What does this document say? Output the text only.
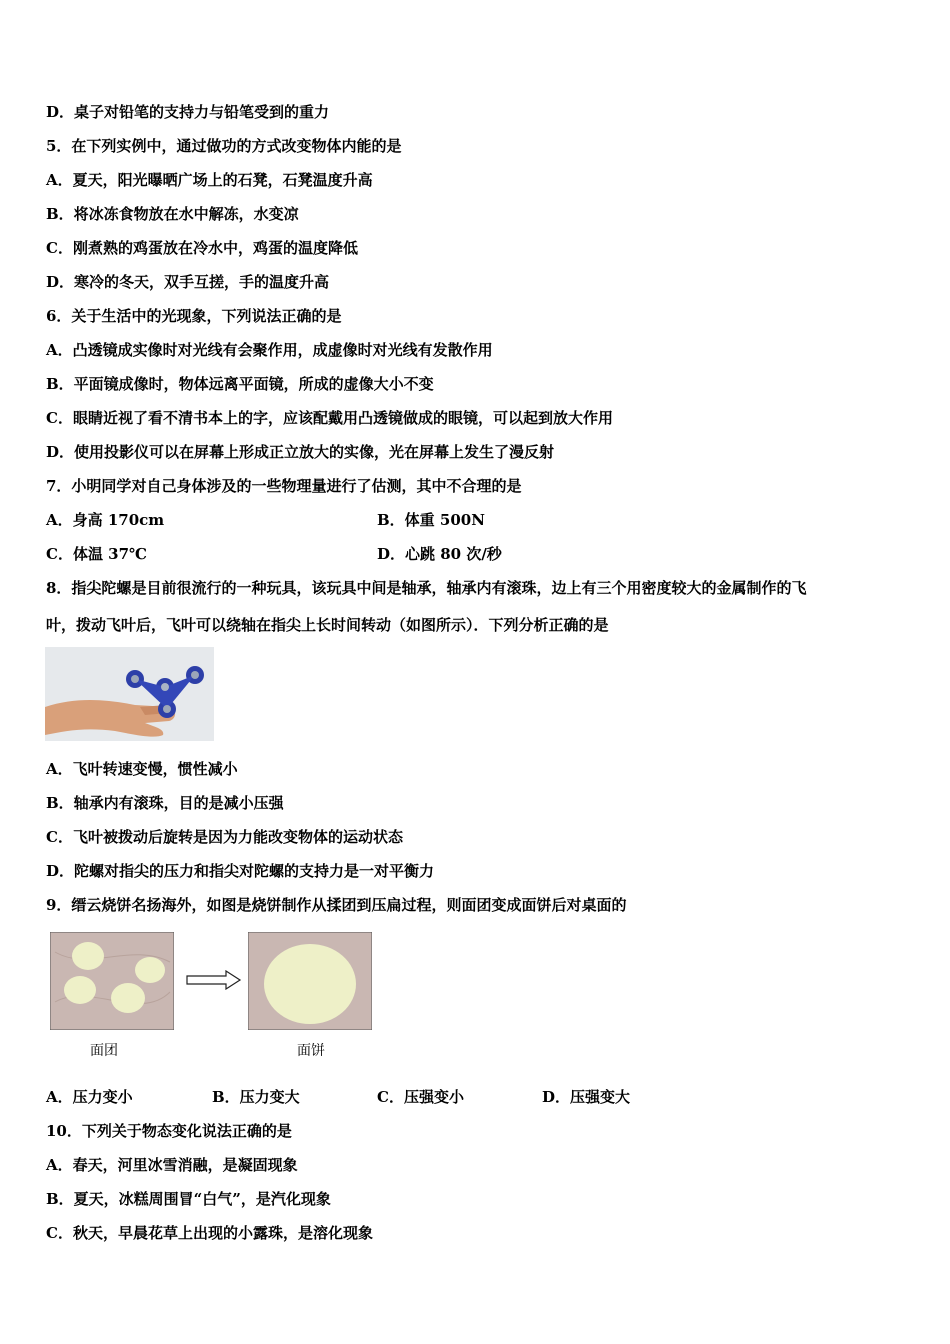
D．桌子对铅笔的支持力与铅笔受到的重力
5．在下列实例中，通过做功的方式改变物体内能的是
A．夏天，阳光曝晒广场上的石凳，石凳温度升高
B．将冰冻食物放在水中解冻，水变凉
C．刚煮熟的鸡蛋放在冷水中，鸡蛋的温度降低
D．寒冷的冬天，双手互搓，手的温度升高
6．关于生活中的光现象，下列说法正确的是
A．凸透镜成实像时对光线有会聚作用，成虚像时对光线有发散作用
B．平面镜成像时，物体远离平面镜，所成的虚像大小不变
C．眼睛近视了看不清书本上的字，应该配戴用凸透镜做成的眼镜，可以起到放大作用
D．使用投影仪可以在屏幕上形成正立放大的实像，光在屏幕上发生了漫反射
7．小明同学对自己身体涉及的一些物理量进行了估测，其中不合理的是
A．身高 170cm	B．体重 500N
C．体温 37℃	D．心跳 80 次/秒
8．指尖陀螺是目前很流行的一种玩具，该玩具中间是轴承，轴承内有滚珠，边上有三个用密度较大的金属制作的飞
叶，拨动飞叶后，飞叶可以绕轴在指尖上长时间转动（如图所示）．下列分析正确的是
A．飞叶转速变慢，惯性减小
B．轴承内有滚珠，目的是减小压强
C．飞叶被拨动后旋转是因为力能改变物体的运动状态
D．陀螺对指尖的压力和指尖对陀螺的支持力是一对平衡力
9．缙云烧饼名扬海外，如图是烧饼制作从揉团到压扁过程，则面团变成面饼后对桌面的
面团	面饼
A．压力变小	B．压力变大	C．压强变小	D．压强变大
10．下列关于物态变化说法正确的是
A．春天，河里冰雪消融，是凝固现象
B．夏天，冰糕周围冒“白气”，是汽化现象
C．秋天，早晨花草上出现的小露珠，是溶化现象
